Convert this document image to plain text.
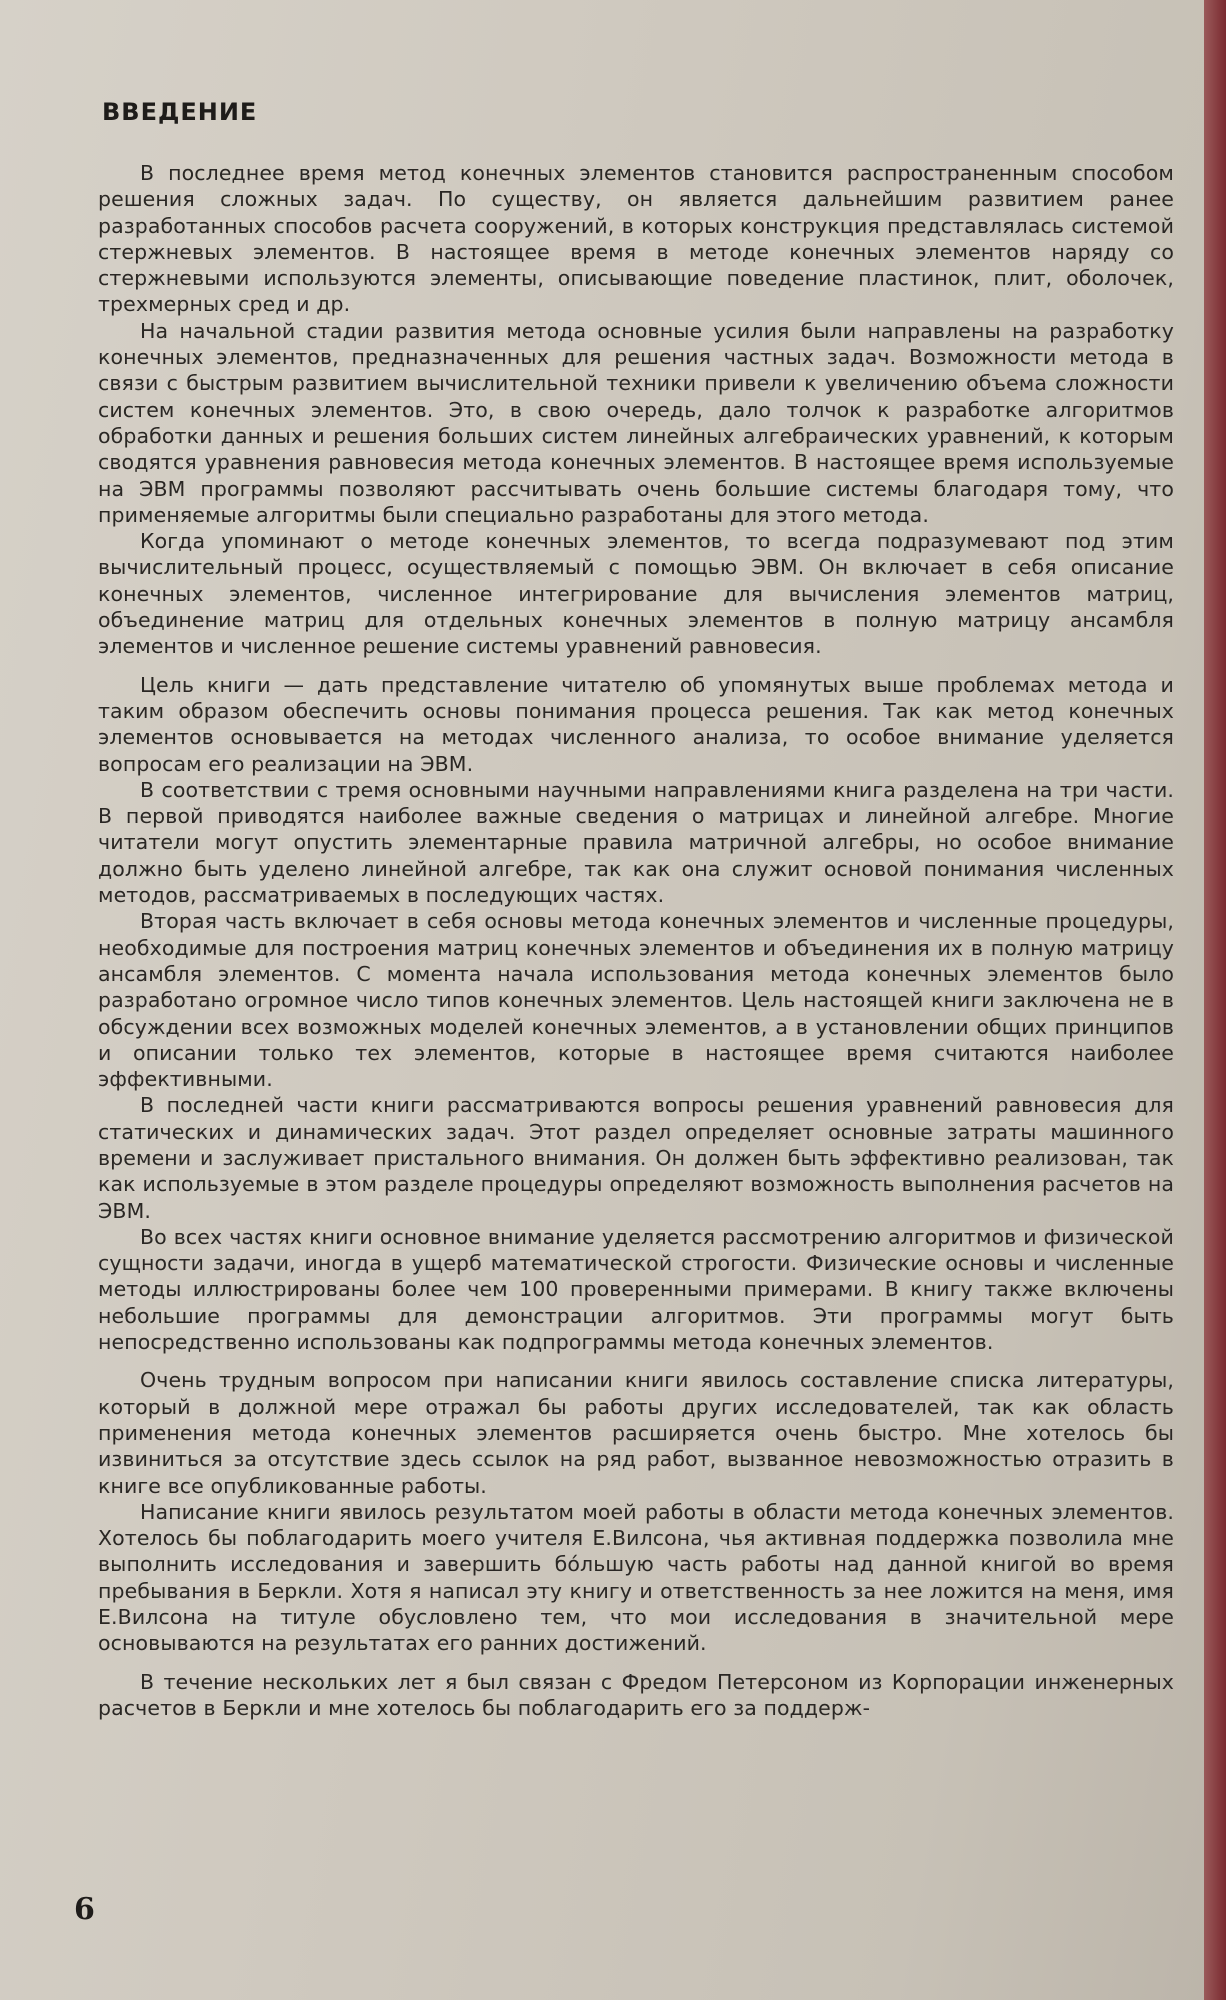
ВВЕДЕНИЕ

В последнее время метод конечных элементов становится распространенным способом решения сложных задач. По существу, он является дальнейшим развитием ранее разработанных способов расчета сооружений, в которых конструкция представлялась системой стержневых элементов. В настоящее время в методе конечных элементов наряду со стержневыми используются элементы, описывающие поведение пластинок, плит, оболочек, трехмерных сред и др.

На начальной стадии развития метода основные усилия были направлены на разработку конечных элементов, предназначенных для решения частных задач. Возможности метода в связи с быстрым развитием вычислительной техники привели к увеличению объема сложности систем конечных элементов. Это, в свою очередь, дало толчок к разработке алгоритмов обработки данных и решения больших систем линейных алгебраических уравнений, к которым сводятся уравнения равновесия метода конечных элементов. В настоящее время используемые на ЭВМ программы позволяют рассчитывать очень большие системы благодаря тому, что применяемые алгоритмы были специально разработаны для этого метода.

Когда упоминают о методе конечных элементов, то всегда подразумевают под этим вычислительный процесс, осуществляемый с помощью ЭВМ. Он включает в себя описание конечных элементов, численное интегрирование для вычисления элементов матриц, объединение матриц для отдельных конечных элементов в полную матрицу ансамбля элементов и численное решение системы уравнений равновесия.

Цель книги — дать представление читателю об упомянутых выше проблемах метода и таким образом обеспечить основы понимания процесса решения. Так как метод конечных элементов основывается на методах численного анализа, то особое внимание уделяется вопросам его реализации на ЭВМ.

В соответствии с тремя основными научными направлениями книга разделена на три части. В первой приводятся наиболее важные сведения о матрицах и линейной алгебре. Многие читатели могут опустить элементарные правила матричной алгебры, но особое внимание должно быть уделено линейной алгебре, так как она служит основой понимания численных методов, рассматриваемых в последующих частях.

Вторая часть включает в себя основы метода конечных элементов и численные процедуры, необходимые для построения матриц конечных элементов и объединения их в полную матрицу ансамбля элементов. С момента начала использования метода конечных элементов было разработано огромное число типов конечных элементов. Цель настоящей книги заключена не в обсуждении всех возможных моделей конечных элементов, а в установлении общих принципов и описании только тех элементов, которые в настоящее время считаются наиболее эффективными.

В последней части книги рассматриваются вопросы решения уравнений равновесия для статических и динамических задач. Этот раздел определяет основные затраты машинного времени и заслуживает пристального внимания. Он должен быть эффективно реализован, так как используемые в этом разделе процедуры определяют возможность выполнения расчетов на ЭВМ.

Во всех частях книги основное внимание уделяется рассмотрению алгоритмов и физической сущности задачи, иногда в ущерб математической строгости. Физические основы и численные методы иллюстрированы более чем 100 проверенными примерами. В книгу также включены небольшие программы для демонстрации алгоритмов. Эти программы могут быть непосредственно использованы как подпрограммы метода конечных элементов.

Очень трудным вопросом при написании книги явилось составление списка литературы, который в должной мере отражал бы работы других исследователей, так как область применения метода конечных элементов расширяется очень быстро. Мне хотелось бы извиниться за отсутствие здесь ссылок на ряд работ, вызванное невозможностью отразить в книге все опубликованные работы.

Написание книги явилось результатом моей работы в области метода конечных элементов. Хотелось бы поблагодарить моего учителя Е.Вилсона, чья активная поддержка позволила мне выполнить исследования и завершить бо́льшую часть работы над данной книгой во время пребывания в Беркли. Хотя я написал эту книгу и ответственность за нее ложится на меня, имя Е.Вилсона на титуле обусловлено тем, что мои исследования в значительной мере основываются на результатах его ранних достижений.

В течение нескольких лет я был связан с Фредом Петерсоном из Корпорации инженерных расчетов в Беркли и мне хотелось бы поблагодарить его за поддерж-

6
